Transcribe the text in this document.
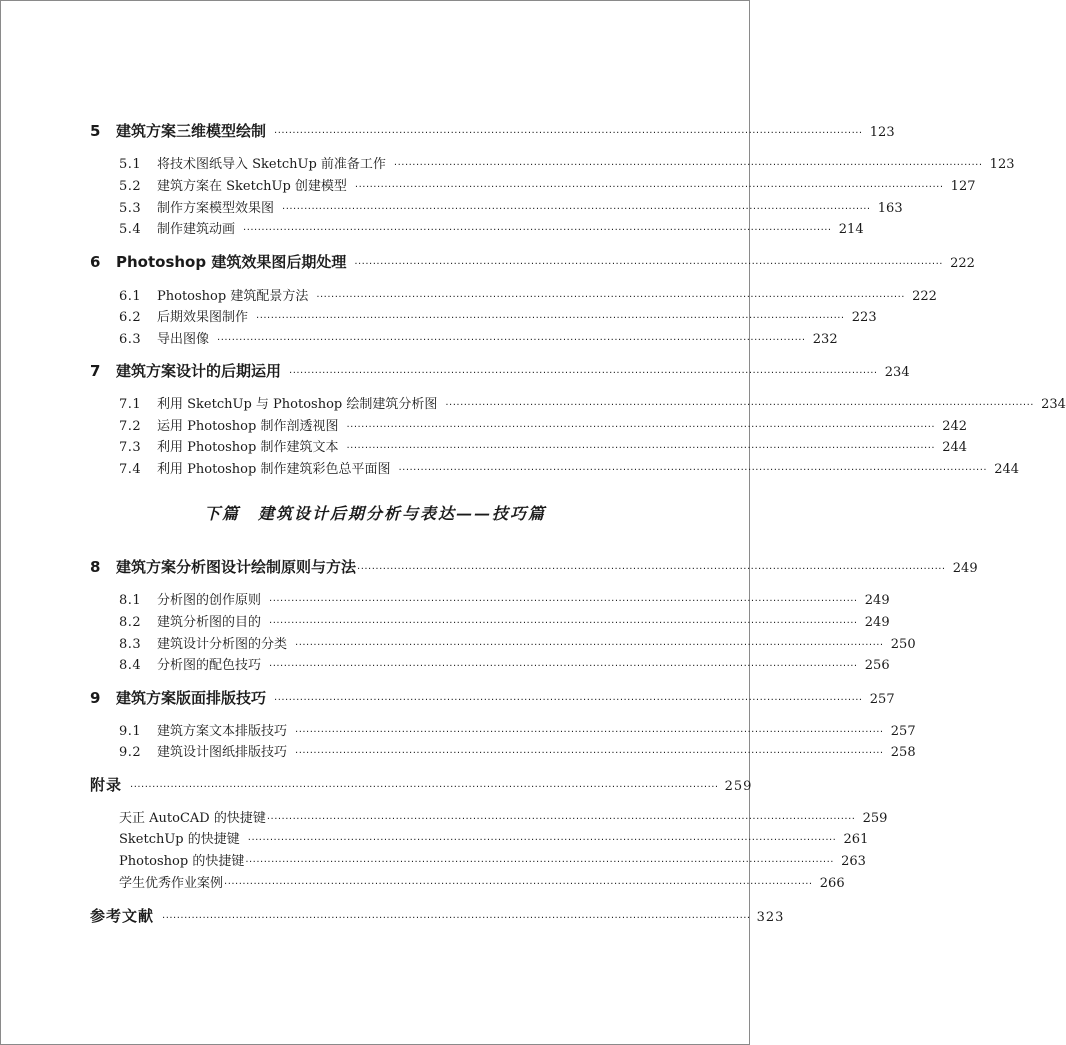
5	建筑方案三维模型绘制 ································································································································································ 123
5.1	将技术图纸导入 SketchUp 前准备工作 ································································································································································ 123
5.2	建筑方案在 SketchUp 创建模型 ································································································································································ 127
5.3	制作方案模型效果图 ································································································································································ 163
5.4	制作建筑动画 ································································································································································ 214
6	Photoshop 建筑效果图后期处理 ································································································································································ 222
6.1	Photoshop 建筑配景方法 ································································································································································ 222
6.2	后期效果图制作 ································································································································································ 223
6.3	导出图像 ································································································································································ 232
7	建筑方案设计的后期运用 ································································································································································ 234
7.1	利用 SketchUp 与 Photoshop 绘制建筑分析图 ································································································································································ 234
7.2	运用 Photoshop 制作剖透视图 ································································································································································ 242
7.3	利用 Photoshop 制作建筑文本 ································································································································································ 244
7.4	利用 Photoshop 制作建筑彩色总平面图 ································································································································································ 244
下篇　建筑设计后期分析与表达——技巧篇
8	建筑方案分析图设计绘制原则与方法 ································································································································································ 249
8.1	分析图的创作原则 ································································································································································ 249
8.2	建筑分析图的目的 ································································································································································ 249
8.3	建筑设计分析图的分类 ································································································································································ 250
8.4	分析图的配色技巧 ································································································································································ 256
9	建筑方案版面排版技巧 ································································································································································ 257
9.1	建筑方案文本排版技巧 ································································································································································ 257
9.2	建筑设计图纸排版技巧 ································································································································································ 258
附录 ································································································································································ 259
天正 AutoCAD 的快捷键 ································································································································································ 259
SketchUp 的快捷键 ································································································································································ 261
Photoshop 的快捷键 ································································································································································ 263
学生优秀作业案例 ································································································································································ 266
参考文献 ································································································································································ 323
